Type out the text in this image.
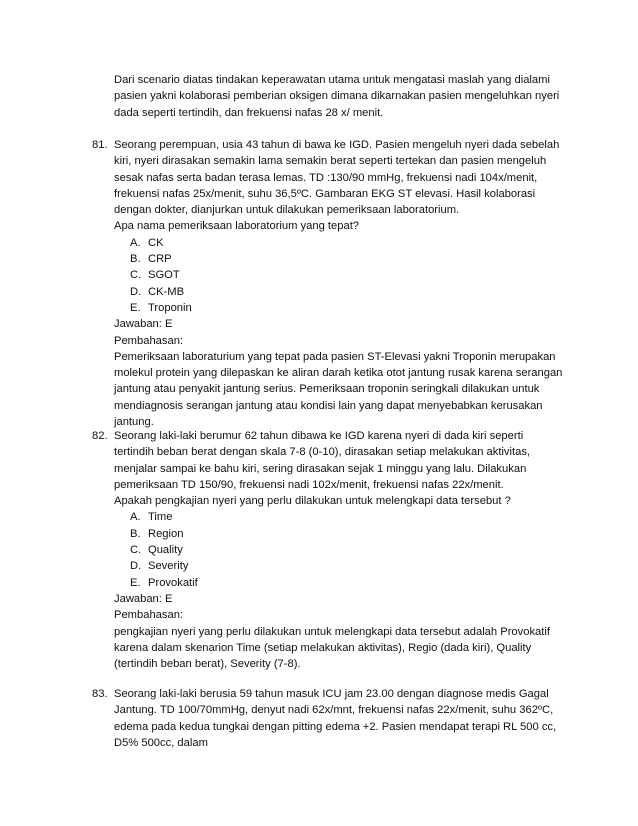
Dari scenario diatas tindakan keperawatan utama untuk mengatasi maslah yang dialami pasien yakni kolaborasi pemberian oksigen dimana dikarnakan pasien mengeluhkan nyeri dada seperti tertindih, dan frekuensi nafas 28 x/ menit.

81. Seorang perempuan, usia 43 tahun di bawa ke IGD. Pasien mengeluh nyeri dada sebelah kiri, nyeri dirasakan semakin lama semakin berat seperti tertekan dan pasien mengeluh sesak nafas serta badan terasa lemas. TD :130/90 mmHg, frekuensi nadi 104x/menit, frekuensi nafas 25x/menit, suhu 36,5ºC. Gambaran EKG ST elevasi. Hasil kolaborasi dengan dokter, dianjurkan untuk dilakukan pemeriksaan laboratorium.

Apa nama pemeriksaan laboratorium yang tepat?

A. CK
B. CRP
C. SGOT
D. CK-MB
E. Troponin

Jawaban: E

Pembahasan:

Pemeriksaan laboraturium yang tepat pada pasien ST-Elevasi yakni Troponin merupakan molekul protein yang dilepaskan ke aliran darah ketika otot jantung rusak karena serangan jantung atau penyakit jantung serius. Pemeriksaan troponin seringkali dilakukan untuk mendiagnosis serangan jantung atau kondisi lain yang dapat menyebabkan kerusakan jantung.

82. Seorang laki-laki berumur 62 tahun dibawa ke IGD karena nyeri di dada kiri seperti tertindih beban berat dengan skala 7-8 (0-10), dirasakan setiap melakukan aktivitas, menjalar sampai ke bahu kiri, sering dirasakan sejak 1 minggu yang lalu. Dilakukan pemeriksaan TD 150/90, frekuensi nadi 102x/menit, frekuensi nafas 22x/menit.

Apakah pengkajian nyeri yang perlu dilakukan untuk melengkapi data tersebut ?

A. Time
B. Region
C. Quality
D. Severity
E. Provokatif

Jawaban: E

Pembahasan:

pengkajian nyeri yang perlu dilakukan untuk melengkapi data tersebut adalah Provokatif karena dalam skenarion Time (setiap melakukan aktivitas), Regio (dada kiri), Quality (tertindih beban berat), Severity (7-8).

83. Seorang laki-laki berusia 59 tahun masuk ICU jam 23.00 dengan diagnose medis Gagal Jantung. TD 100/70mmHg, denyut nadi 62x/mnt, frekuensi nafas 22x/menit, suhu 362ºC, edema pada kedua tungkai dengan pitting edema +2. Pasien mendapat terapi RL 500 cc, D5% 500cc, dalam
